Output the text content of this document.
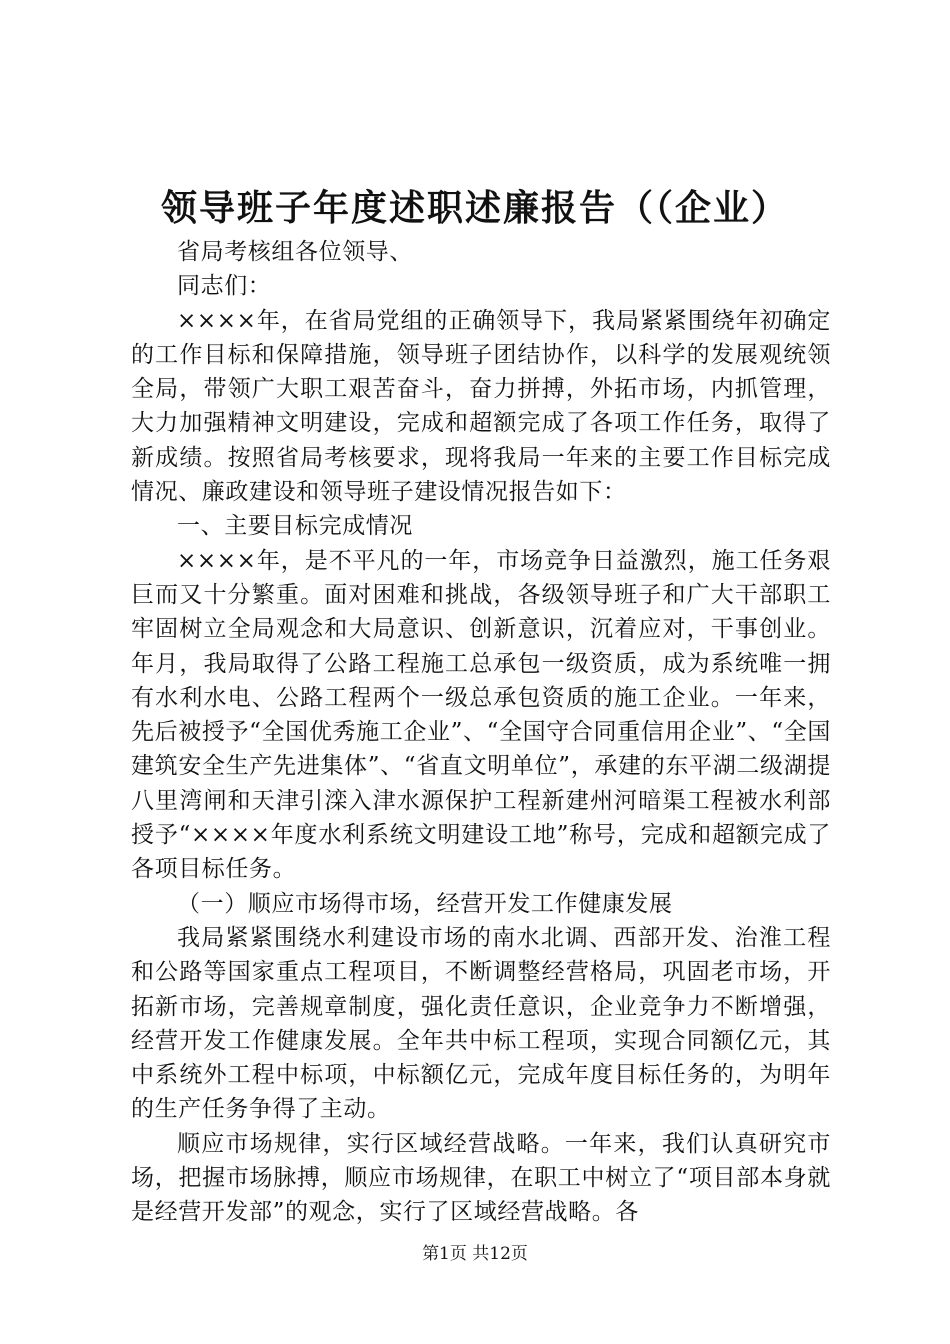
领导班子年度述职述廉报告（（企业）

省局考核组各位领导、

同志们：

××××年，在省局党组的正确领导下，我局紧紧围绕年初确定的工作目标和保障措施，领导班子团结协作，以科学的发展观统领全局，带领广大职工艰苦奋斗，奋力拼搏，外拓市场，内抓管理，大力加强精神文明建设，完成和超额完成了各项工作任务，取得了新成绩。按照省局考核要求，现将我局一年来的主要工作目标完成情况、廉政建设和领导班子建设情况报告如下：

一、主要目标完成情况

××××年，是不平凡的一年，市场竞争日益激烈，施工任务艰巨而又十分繁重。面对困难和挑战，各级领导班子和广大干部职工牢固树立全局观念和大局意识、创新意识，沉着应对，干事创业。年月，我局取得了公路工程施工总承包一级资质，成为系统唯一拥有水利水电、公路工程两个一级总承包资质的施工企业。一年来，先后被授予“全国优秀施工企业”、“全国守合同重信用企业”、“全国建筑安全生产先进集体”、“省直文明单位”，承建的东平湖二级湖提八里湾闸和天津引滦入津水源保护工程新建州河暗渠工程被水利部授予“××××年度水利系统文明建设工地”称号，完成和超额完成了各项目标任务。

（一）顺应市场得市场，经营开发工作健康发展

我局紧紧围绕水利建设市场的南水北调、西部开发、治淮工程和公路等国家重点工程项目，不断调整经营格局，巩固老市场，开拓新市场，完善规章制度，强化责任意识，企业竞争力不断增强，经营开发工作健康发展。全年共中标工程项，实现合同额亿元，其中系统外工程中标项，中标额亿元，完成年度目标任务的，为明年的生产任务争得了主动。

顺应市场规律，实行区域经营战略。一年来，我们认真研究市场，把握市场脉搏，顺应市场规律，在职工中树立了“项目部本身就是经营开发部”的观念，实行了区域经营战略。各

第1页 共12页
